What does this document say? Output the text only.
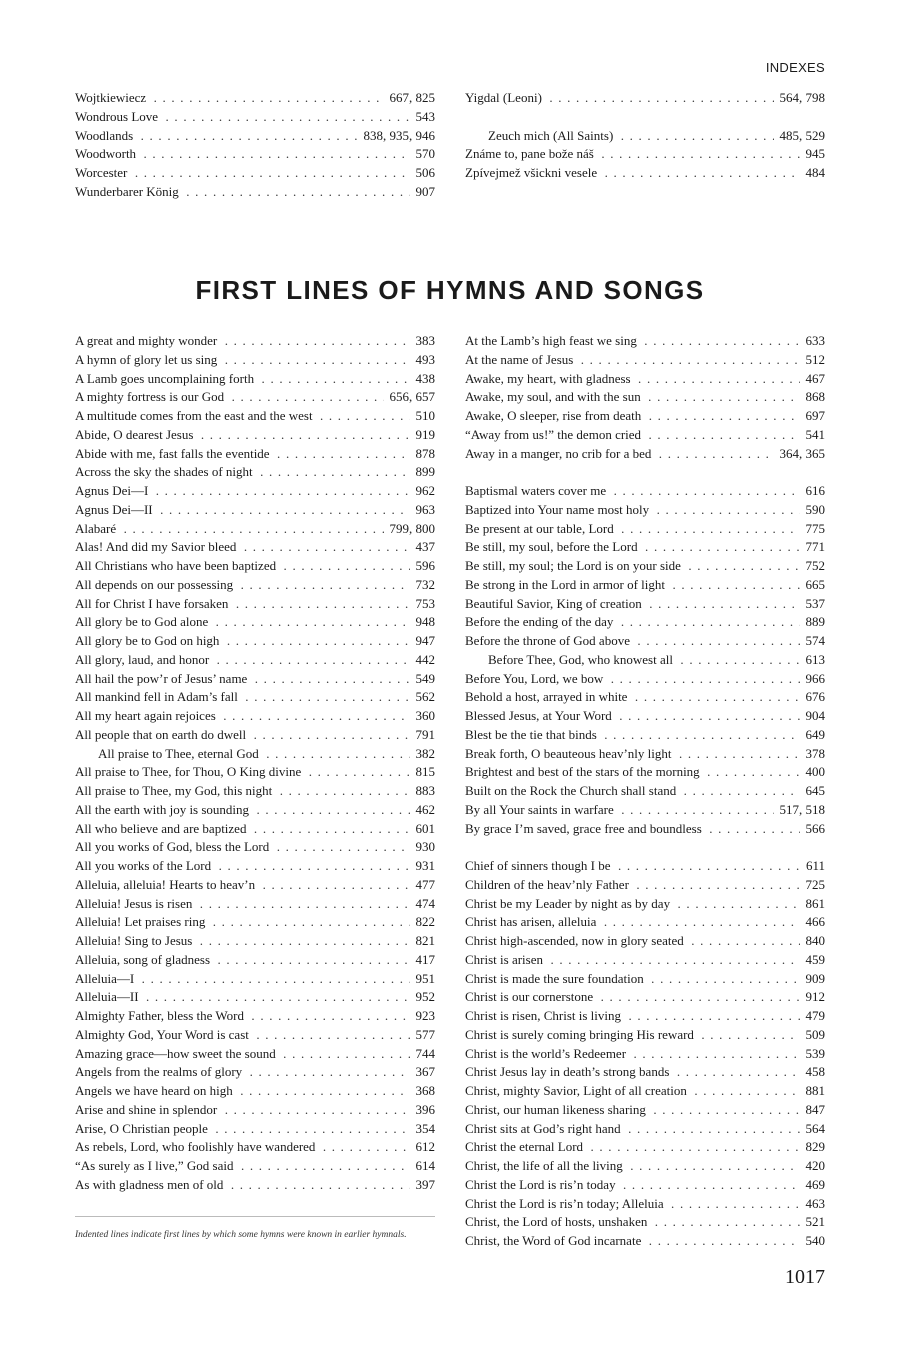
INDEXES
Wojtkiewiecz . . .	667, 825
Wondrous Love . . .	543
Woodlands . . .	838, 935, 946
Woodworth . . .	570
Worcester . . .	506
Wunderbarer König . . .	907
Yigdal (Leoni) . . .	564, 798
Zeuch mich (All Saints) . . .	485, 529
Známe to, pane bože náš . . .	945
Zpívejmež všickni vesele . . .	484
FIRST LINES OF HYMNS AND SONGS
A great and mighty wonder . . .	383
A hymn of glory let us sing . . .	493
A Lamb goes uncomplaining forth . . .	438
A mighty fortress is our God . . .	656, 657
A multitude comes from the east and the west . . .	510
Abide, O dearest Jesus . . .	919
Abide with me, fast falls the eventide . . .	878
Across the sky the shades of night . . .	899
Agnus Dei—I . . .	962
Agnus Dei—II . . .	963
Alabaré . . .	799, 800
Alas! And did my Savior bleed . . .	437
All Christians who have been baptized . . .	596
All depends on our possessing . . .	732
All for Christ I have forsaken . . .	753
All glory be to God alone . . .	948
All glory be to God on high . . .	947
All glory, laud, and honor . . .	442
All hail the pow’r of Jesus’ name . . .	549
All mankind fell in Adam’s fall . . .	562
All my heart again rejoices . . .	360
All people that on earth do dwell . . .	791
All praise to Thee, eternal God . . .	382
All praise to Thee, for Thou, O King divine . . .	815
All praise to Thee, my God, this night . . .	883
All the earth with joy is sounding . . .	462
All who believe and are baptized . . .	601
All you works of God, bless the Lord . . .	930
All you works of the Lord . . .	931
Alleluia, alleluia! Hearts to heav’n . . .	477
Alleluia! Jesus is risen . . .	474
Alleluia! Let praises ring . . .	822
Alleluia! Sing to Jesus . . .	821
Alleluia, song of gladness . . .	417
Alleluia—I . . .	951
Alleluia—II . . .	952
Almighty Father, bless the Word . . .	923
Almighty God, Your Word is cast . . .	577
Amazing grace—how sweet the sound . . .	744
Angels from the realms of glory . . .	367
Angels we have heard on high . . .	368
Arise and shine in splendor . . .	396
Arise, O Christian people . . .	354
As rebels, Lord, who foolishly have wandered . . .	612
“As surely as I live,” God said . . .	614
As with gladness men of old . . .	397
At the Lamb’s high feast we sing . . .	633
At the name of Jesus . . .	512
Awake, my heart, with gladness . . .	467
Awake, my soul, and with the sun . . .	868
Awake, O sleeper, rise from death . . .	697
“Away from us!” the demon cried . . .	541
Away in a manger, no crib for a bed . . .	364, 365
Baptismal waters cover me . . .	616
Baptized into Your name most holy . . .	590
Be present at our table, Lord . . .	775
Be still, my soul, before the Lord . . .	771
Be still, my soul; the Lord is on your side . . .	752
Be strong in the Lord in armor of light . . .	665
Beautiful Savior, King of creation . . .	537
Before the ending of the day . . .	889
Before the throne of God above . . .	574
Before Thee, God, who knowest all . . .	613
Before You, Lord, we bow . . .	966
Behold a host, arrayed in white . . .	676
Blessed Jesus, at Your Word . . .	904
Blest be the tie that binds . . .	649
Break forth, O beauteous heav’nly light . . .	378
Brightest and best of the stars of the morning . . .	400
Built on the Rock the Church shall stand . . .	645
By all Your saints in warfare . . .	517, 518
By grace I’m saved, grace free and boundless . . .	566
Chief of sinners though I be . . .	611
Children of the heav’nly Father . . .	725
Christ be my Leader by night as by day . . .	861
Christ has arisen, alleluia . . .	466
Christ high-ascended, now in glory seated . . .	840
Christ is arisen . . .	459
Christ is made the sure foundation . . .	909
Christ is our cornerstone . . .	912
Christ is risen, Christ is living . . .	479
Christ is surely coming bringing His reward . . .	509
Christ is the world’s Redeemer . . .	539
Christ Jesus lay in death’s strong bands . . .	458
Christ, mighty Savior, Light of all creation . . .	881
Christ, our human likeness sharing . . .	847
Christ sits at God’s right hand . . .	564
Christ the eternal Lord . . .	829
Christ, the life of all the living . . .	420
Christ the Lord is ris’n today . . .	469
Christ the Lord is ris’n today; Alleluia . . .	463
Christ, the Lord of hosts, unshaken . . .	521
Christ, the Word of God incarnate . . .	540
Indented lines indicate first lines by which some hymns were known in earlier hymnals.
1017
